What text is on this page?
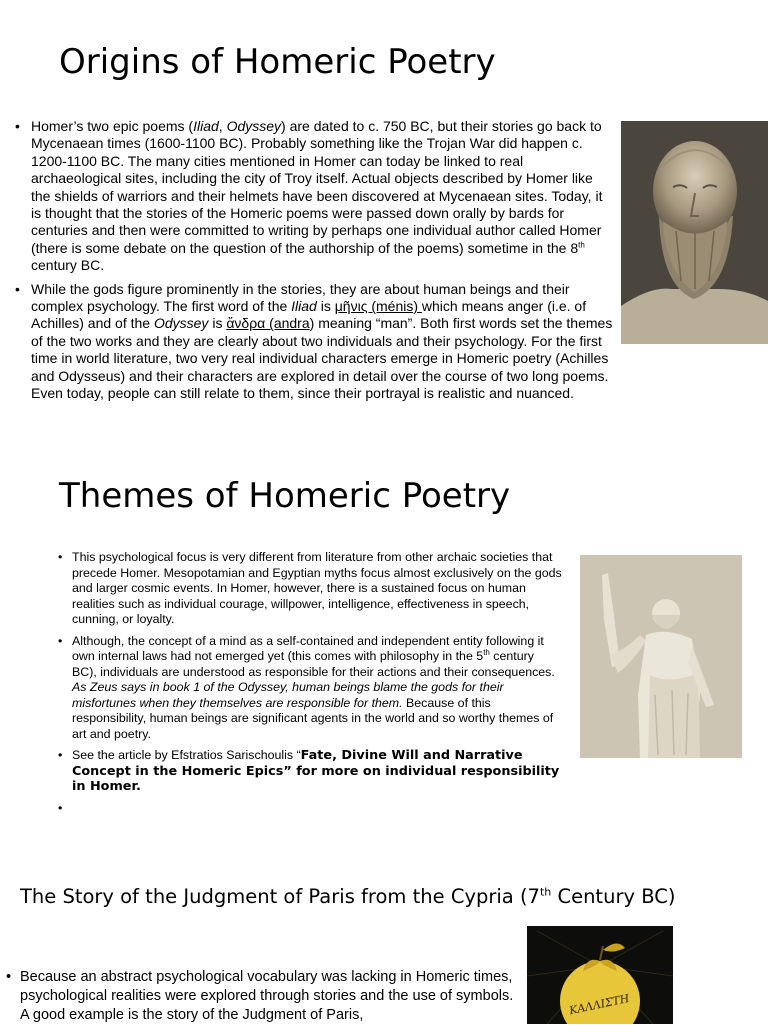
Origins of Homeric Poetry
• Homer’s two epic poems (Iliad, Odyssey) are dated to c. 750 BC, but their stories go back to Mycenaean times (1600-1100 BC). Probably something like the Trojan War did happen c. 1200-1100 BC. The many cities mentioned in Homer can today be linked to real archaeological sites, including the city of Troy itself. Actual objects described by Homer like the shields of warriors and their helmets have been discovered at Mycenaean sites. Today, it is thought that the stories of the Homeric poems were passed down orally by bards for centuries and then were committed to writing by perhaps one individual author called Homer (there is some debate on the question of the authorship of the poems) sometime in the 8th century BC.
• While the gods figure prominently in the stories, they are about human beings and their complex psychology. The first word of the Iliad is μῆνις (ménis) which means anger (i.e. of Achilles) and of the Odyssey is ἄνδρα (andra) meaning “man”. Both first words set the themes of the two works and they are clearly about two individuals and their psychology. For the first time in world literature, two very real individual characters emerge in Homeric poetry (Achilles and Odysseus) and their characters are explored in detail over the course of two long poems. Even today, people can still relate to them, since their portrayal is realistic and nuanced.
Themes of Homeric Poetry
• This psychological focus is very different from literature from other archaic societies that precede Homer. Mesopotamian and Egyptian myths focus almost exclusively on the gods and larger cosmic events. In Homer, however, there is a sustained focus on human realities such as individual courage, willpower, intelligence, effectiveness in speech, cunning, or loyalty.
• Although, the concept of a mind as a self-contained and independent entity following it own internal laws had not emerged yet (this comes with philosophy in the 5th century BC), individuals are understood as responsible for their actions and their consequences. As Zeus says in book 1 of the Odyssey, human beings blame the gods for their misfortunes when they themselves are responsible for them. Because of this responsibility, human beings are significant agents in the world and so worthy themes of art and poetry.
• See the article by Efstratios Sarischoulis “Fate, Divine Will and Narrative Concept in the Homeric Epics” for more on individual responsibility in Homer.
•
The Story of the Judgment of Paris from the Cypria (7th Century BC)
• Because an abstract psychological vocabulary was lacking in Homeric times, psychological realities were explored through stories and the use of symbols. A good example is the story of the Judgment of Paris,	ΚΑΛΛΙΣΤΗ
